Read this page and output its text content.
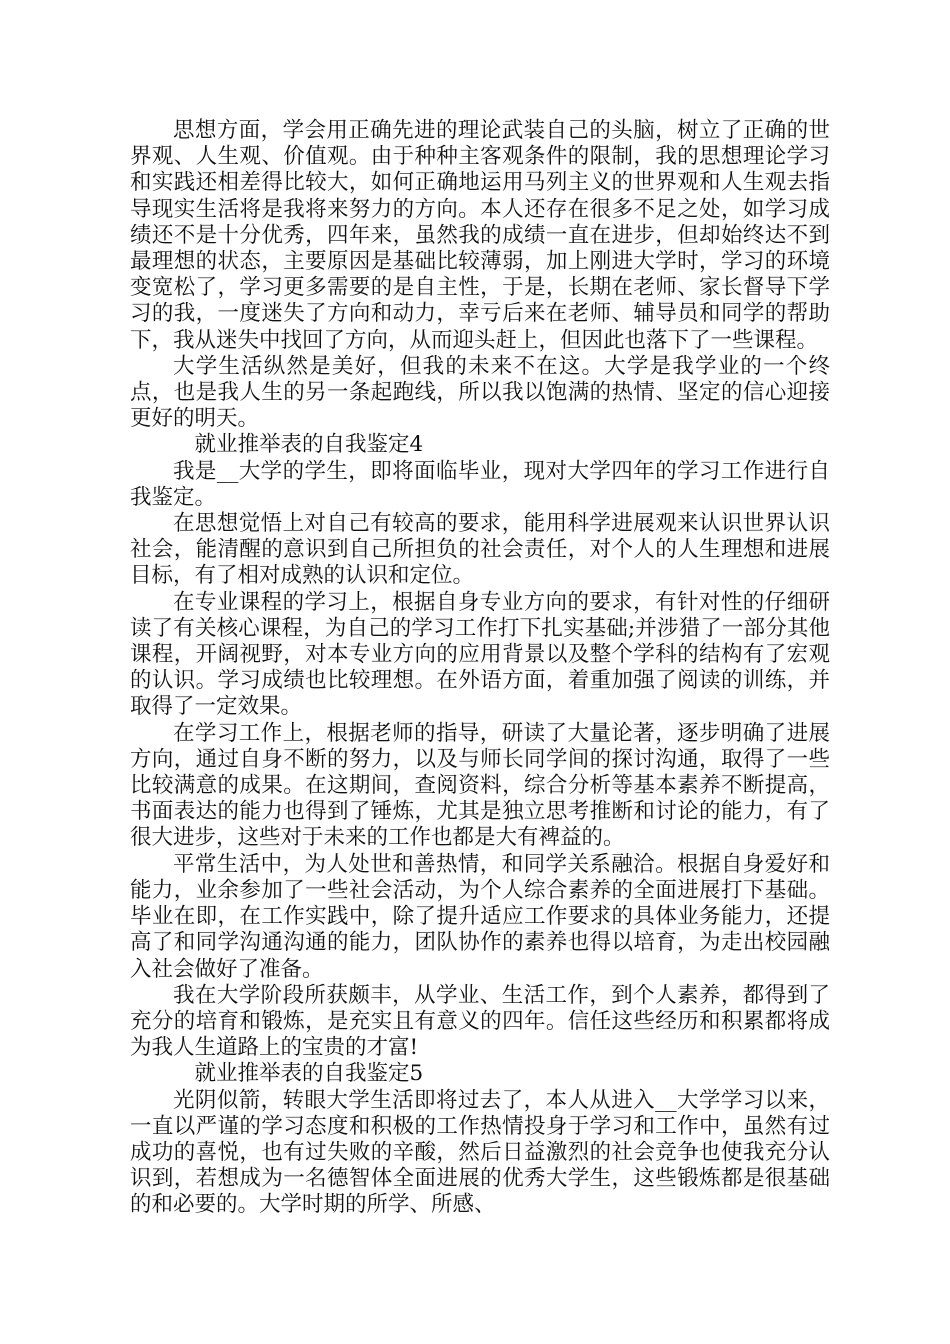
思想方面，学会用正确先进的理论武装自己的头脑，树立了正确的世界观、人生观、价值观。由于种种主客观条件的限制，我的思想理论学习和实践还相差得比较大，如何正确地运用马列主义的世界观和人生观去指导现实生活将是我将来努力的方向。本人还存在很多不足之处，如学习成绩还不是十分优秀，四年来，虽然我的成绩一直在进步，但却始终达不到最理想的状态，主要原因是基础比较薄弱，加上刚进大学时，学习的环境变宽松了，学习更多需要的是自主性，于是，长期在老师、家长督导下学习的我，一度迷失了方向和动力，幸亏后来在老师、辅导员和同学的帮助下，我从迷失中找回了方向，从而迎头赶上，但因此也落下了一些课程。

大学生活纵然是美好，但我的未来不在这。大学是我学业的一个终点，也是我人生的另一条起跑线，所以我以饱满的热情、坚定的信心迎接更好的明天。

就业推举表的自我鉴定4

我是__大学的学生，即将面临毕业，现对大学四年的学习工作进行自我鉴定。

在思想觉悟上对自己有较高的要求，能用科学进展观来认识世界认识社会，能清醒的意识到自己所担负的社会责任，对个人的人生理想和进展目标，有了相对成熟的认识和定位。

在专业课程的学习上，根据自身专业方向的要求，有针对性的仔细研读了有关核心课程，为自己的学习工作打下扎实基础;并涉猎了一部分其他课程，开阔视野，对本专业方向的应用背景以及整个学科的结构有了宏观的认识。学习成绩也比较理想。在外语方面，着重加强了阅读的训练，并取得了一定效果。

在学习工作上，根据老师的指导，研读了大量论著，逐步明确了进展方向，通过自身不断的努力，以及与师长同学间的探讨沟通，取得了一些比较满意的成果。在这期间，查阅资料，综合分析等基本素养不断提高，书面表达的能力也得到了锤炼，尤其是独立思考推断和讨论的能力，有了很大进步，这些对于未来的工作也都是大有裨益的。

平常生活中，为人处世和善热情，和同学关系融洽。根据自身爱好和能力，业余参加了一些社会活动，为个人综合素养的全面进展打下基础。毕业在即，在工作实践中，除了提升适应工作要求的具体业务能力，还提高了和同学沟通沟通的能力，团队协作的素养也得以培育，为走出校园融入社会做好了准备。

我在大学阶段所获颇丰，从学业、生活工作，到个人素养，都得到了充分的培育和锻炼，是充实且有意义的四年。信任这些经历和积累都将成为我人生道路上的宝贵的才富!

就业推举表的自我鉴定5

光阴似箭，转眼大学生活即将过去了，本人从进入__大学学习以来，一直以严谨的学习态度和积极的工作热情投身于学习和工作中，虽然有过成功的喜悦，也有过失败的辛酸，然后日益激烈的社会竞争也使我充分认识到，若想成为一名德智体全面进展的优秀大学生，这些锻炼都是很基础的和必要的。大学时期的所学、所感、
